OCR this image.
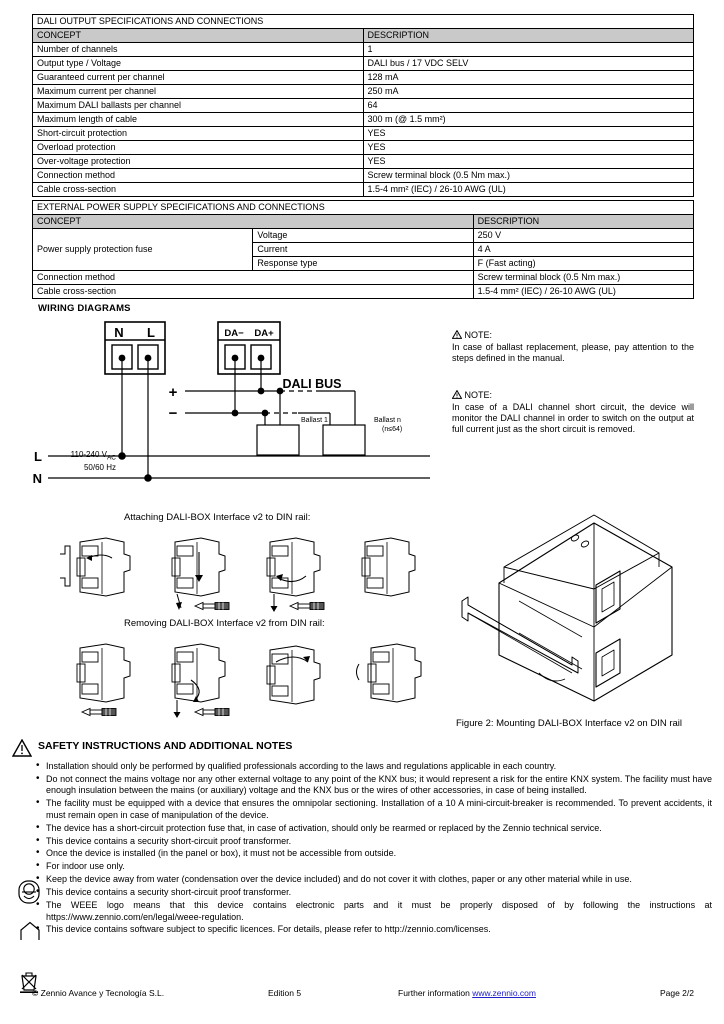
DALI OUTPUT SPECIFICATIONS AND CONNECTIONS	
CONCEPT	DESCRIPTION
Number of channels	1
Output type / Voltage	DALI bus / 17 VDC SELV
Guaranteed current per channel	128 mA
Maximum current per channel	250 mA
Maximum DALI ballasts per channel	64
Maximum length of cable	300 m (@ 1.5 mm²)
Short-circuit protection	YES
Overload protection	YES
Over-voltage protection	YES
Connection method	Screw terminal block (0.5 Nm max.)
Cable cross-section	1.5-4 mm² (IEC) / 26-10 AWG (UL)
EXTERNAL POWER SUPPLY SPECIFICATIONS AND CONNECTIONS		
CONCEPT		DESCRIPTION
Power supply protection fuse	Voltage	250 V
	Current	4 A
	Response type	F (Fast acting)
Connection method		Screw terminal block (0.5 Nm max.)
Cable cross-section		1.5-4 mm² (IEC) / 26-10 AWG (UL)
WIRING DIAGRAMS
N L	DA− DA+
+
−
DALI BUS
Ballast 1	Ballast n
(n≤64)
L
N
110-240 $V_{AC}$
50/60 Hz
NOTE:
In case of ballast replacement, please, pay attention to the steps defined in the manual.
NOTE:
In case of a DALI channel short circuit, the device will monitor the DALI channel in order to switch on the output at full current just as the short circuit is removed.
Attaching DALI-BOX Interface v2 to DIN rail:
Removing DALI-BOX Interface v2 from DIN rail:
Figure 2: Mounting DALI-BOX Interface v2 on DIN rail
SAFETY INSTRUCTIONS AND ADDITIONAL NOTES
• Installation should only be performed by qualified professionals according to the laws and regulations applicable in each country.
• Do not connect the mains voltage nor any other external voltage to any point of the KNX bus; it would represent a risk for the entire KNX system. The facility must have enough insulation between the mains (or auxiliary) voltage and the KNX bus or the wires of other accessories, in case of being installed.
• The facility must be equipped with a device that ensures the omnipolar sectioning. Installation of a 10 A mini-circuit-breaker is recommended. To prevent accidents, it must remain open in case of manipulation of the device.
• The device has a short-circuit protection fuse that, in case of activation, should only be rearmed or replaced by the Zennio technical service.
• This device contains a security short-circuit proof transformer.
• Once the device is installed (in the panel or box), it must not be accessible from outside.
• For indoor use only.
• Keep the device away from water (condensation over the device included) and do not cover it with clothes, paper or any other material while in use.
• This device contains a security short-circuit proof transformer.
• The WEEE logo means that this device contains electronic parts and it must be properly disposed of by following the instructions at https://www.zennio.com/en/legal/weee-regulation.
• This device contains software subject to specific licences. For details, please refer to http://zennio.com/licenses.
© Zennio Avance y Tecnología S.L.	Edition 5	Further information www.zennio.com	Page 2/2
